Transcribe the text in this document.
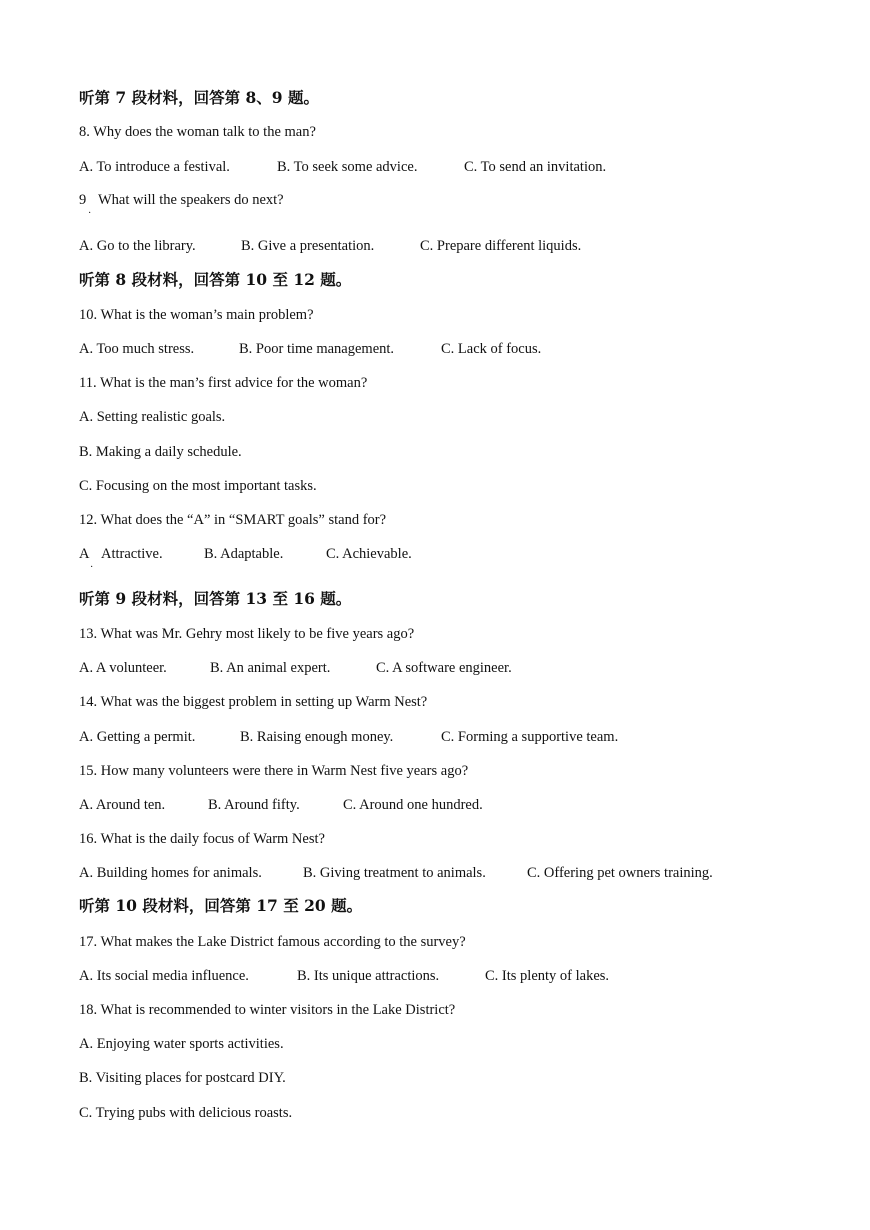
听第 7 段材料，回答第 8、9 题。
8. Why does the woman talk to the man?
A. To introduce a festival.	B. To seek some advice.	C. To send an invitation.
9
·
What will the speakers do next?
A. Go to the library.	B. Give a presentation.	C. Prepare different liquids.
听第 8 段材料，回答第 10 至 12 题。
10. What is the woman’s main problem?
A. Too much stress.	B. Poor time management.	C. Lack of focus.
11. What is the man’s first advice for the woman?
A. Setting realistic goals.
B. Making a daily schedule.
C. Focusing on the most important tasks.
12. What does the “A” in “SMART goals” stand for?
A
·
Attractive.	B. Adaptable.	C. Achievable.
听第 9 段材料，回答第 13 至 16 题。
13. What was Mr. Gehry most likely to be five years ago?
A. A volunteer.	B. An animal expert.	C. A software engineer.
14. What was the biggest problem in setting up Warm Nest?
A. Getting a permit.	B. Raising enough money.	C. Forming a supportive team.
15. How many volunteers were there in Warm Nest five years ago?
A. Around ten.	B. Around fifty.	C. Around one hundred.
16. What is the daily focus of Warm Nest?
A. Building homes for animals.	B. Giving treatment to animals.	C. Offering pet owners training.
听第 10 段材料，回答第 17 至 20 题。
17. What makes the Lake District famous according to the survey?
A. Its social media influence.	B. Its unique attractions.	C. Its plenty of lakes.
18. What is recommended to winter visitors in the Lake District?
A. Enjoying water sports activities.
B. Visiting places for postcard DIY.
C. Trying pubs with delicious roasts.
